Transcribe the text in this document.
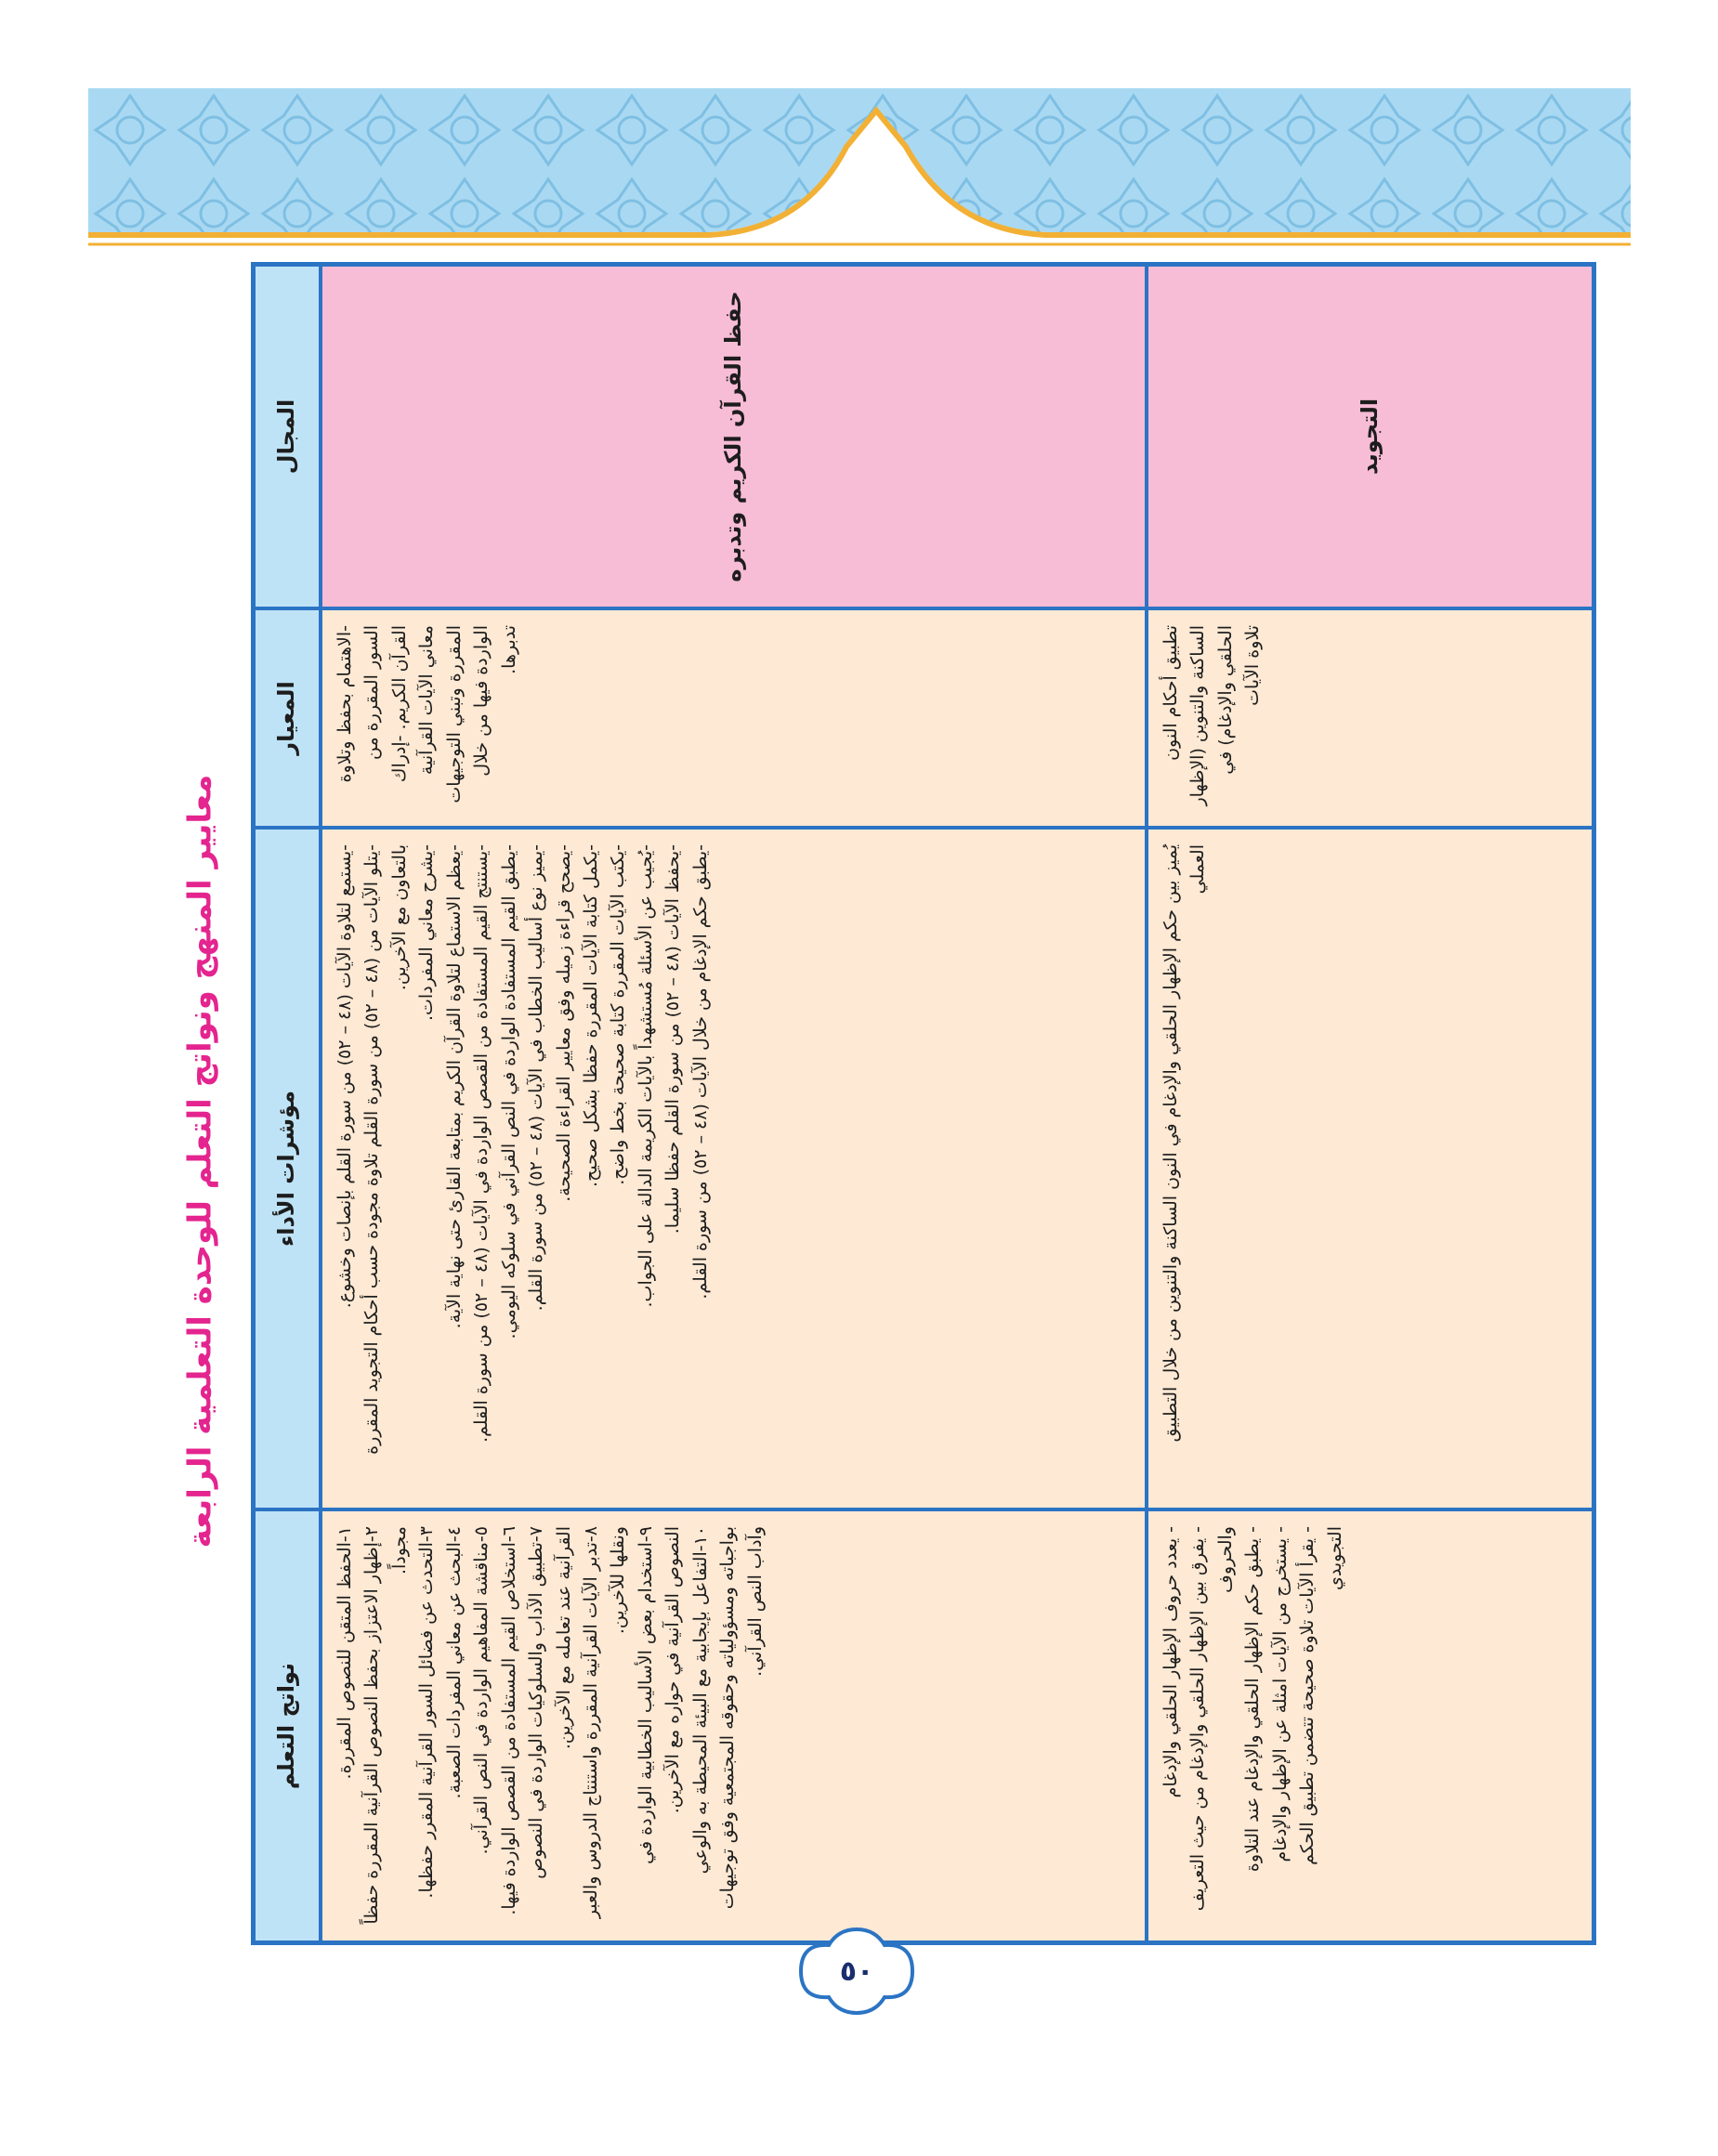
معايير المنهج ونواتج التعلم للوحدة التعلمية الرابعة
نواتج التعلم
مؤشرات الأداء
المعيار
المجال
١-الحفظ المتقن للنصوص المقررة.
٢-إظهار الاعتزاز بحفظ النصوص القرآنية المقررة حفظاً مجوداً. ٣-التحدث عن فضائل السور القرآنية المقرر حفظها.
٤-البحث عن معاني المفردات الصعبة.
٥-مناقشة المفاهيم الواردة في النص القرآني.
٦-استخلاص القيم المستفادة من القصص الواردة فيها.
٧-تطبيق الآداب والسلوكيات الواردة في النصوص القرآنية عند تعامله مع الآخرين. ٨-تدبر الآيات القرآنية المقررة واستنتاج الدروس والعبر ونقلها للآخرين. ٩-استخدام بعض الأساليب الخطابية الواردة في النصوص القرآنية في حواره مع الآخرين. ١٠-التفاعل بإيجابية مع البيئة المحيطة به والوعي بواجباته ومسؤولياته وحقوقه المجتمعية وفق توجيهات وآداب النص القرآني.
-يستمع لتلاوة الآيات (٤٨ – ٥٢) من سورة القلم بإنصات وخشوع.
-يتلو الآيات من (٤٨ – ٥٢) من سورة القلم تلاوة مجودة حسب أحكام التجويد المقررة بالتعاون مع الآخرين. -يشرح معاني المفردات. -يعظم الاستماع لتلاوة القرآن الكريم بمتابعة القارئ حتى نهاية الآية.
-يستنتج القيم المستفادة من القصص الواردة في الآيات (٤٨ – ٥٢) من سورة القلم. -يطبق القيم المستفادة الواردة في النص القرآني في سلوكه اليومي. -يميز نوع أساليب الخطاب في الآيات (٤٨ – ٥٢) من سورة القلم. -يصحح قراءة زميله وفق معايير القراءة الصحيحة. -يكمل كتابة الآيات المقررة حفظا بشكل صحيح. -يكتب الآيات المقررة كتابة صحيحة بخط واضح. -يُجيب عن الأسئلة مُستشهداً بالآيات الكريمة الدالة على الجواب. -يحفظ الآيات (٤٨ – ٥٢) من سورة القلم حفظا سليما.
-يطبق حكم الإدغام من خلال الآيات (٤٨ – ٥٢) من سورة القلم.
-الاهتمام بحفظ وتلاوة السور المقررة من القرآن الكريم. -إدراك معاني الآيات القرآنية المقررة وتبني التوجيهات الواردة فيها من خلال تدبرها.
حفظ القرآن الكريم وتدبره
- يعدد حروف الإظهار الحلقي والإدغام - يفرق بين الإظهار الحلقي والإدغام من حيث التعريف والحروف - يطبق حكم الإظهار الحلقي والإدغام عند التلاوة - يستخرج من الآيات امثلة عن الإظهار والإدغام - يقرأ الآيات تلاوة صحيحة تتضمن تطبيق الحكم التجويدي
يُميز بين حكم الإظهار الحلقي والإدغام في النون الساكنة والتنوين من خلال التطبيق العملي
تطبيق أحكام النون الساكنة والتنوين (الإظهار الحلقي والإدغام) في تلاوة الآيات
التجويد
٥٠
